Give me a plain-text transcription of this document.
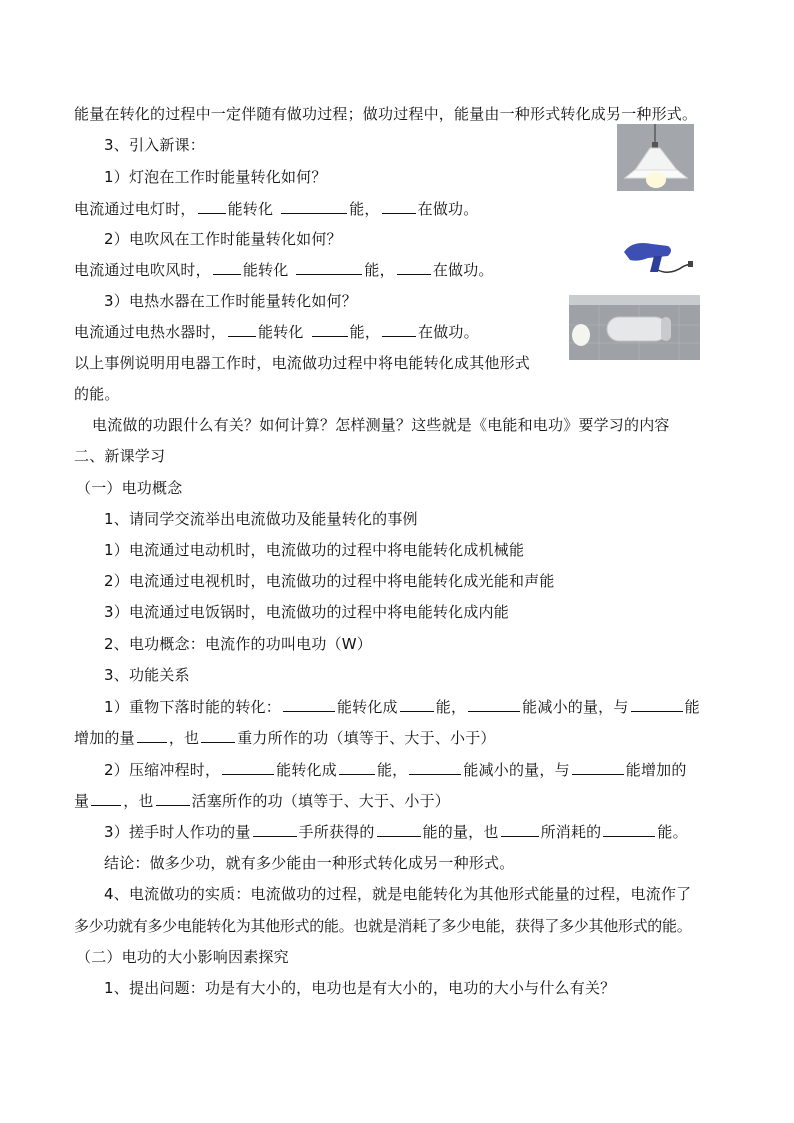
能量在转化的过程中一定伴随有做功过程；做功过程中，能量由一种形式转化成另一种形式。
3、引入新课：
1）灯泡在工作时能量转化如何？
电流通过电灯时， 能转化	能，	在做功。
2）电吹风在工作时能量转化如何？
电流通过电吹风时， 能转化	能，	在做功。
3）电热水器在工作时能量转化如何？
电流通过电热水器时， 能转化	能，	在做功。
以上事例说明用电器工作时，电流做功过程中将电能转化成其他形式
的能。
电流做的功跟什么有关？如何计算？怎样测量？这些就是《电能和电功》要学习的内容
二、新课学习
（一）电功概念
1、请同学交流举出电流做功及能量转化的事例
1）电流通过电动机时，电流做功的过程中将电能转化成机械能
2）电流通过电视机时，电流做功的过程中将电能转化成光能和声能
3）电流通过电饭锅时，电流做功的过程中将电能转化成内能
2、电功概念：电流作的功叫电功（W）
3、功能关系
1）重物下落时能的转化：	能转化成	能，	能减小的量，与	能
增加的量 ，也	重力所作的功（填等于、大于、小于）
2）压缩冲程时，	能转化成	能，	能减小的量，与	能增加的
量 ，也	活塞所作的功（填等于、大于、小于）
3）搓手时人作功的量	手所获得的	能的量，也	所消耗的	能。
结论：做多少功，就有多少能由一种形式转化成另一种形式。
4、电流做功的实质：电流做功的过程，就是电能转化为其他形式能量的过程，电流作了
多少功就有多少电能转化为其他形式的能。也就是消耗了多少电能，获得了多少其他形式的能。
（二）电功的大小影响因素探究
1、提出问题：功是有大小的，电功也是有大小的，电功的大小与什么有关？
